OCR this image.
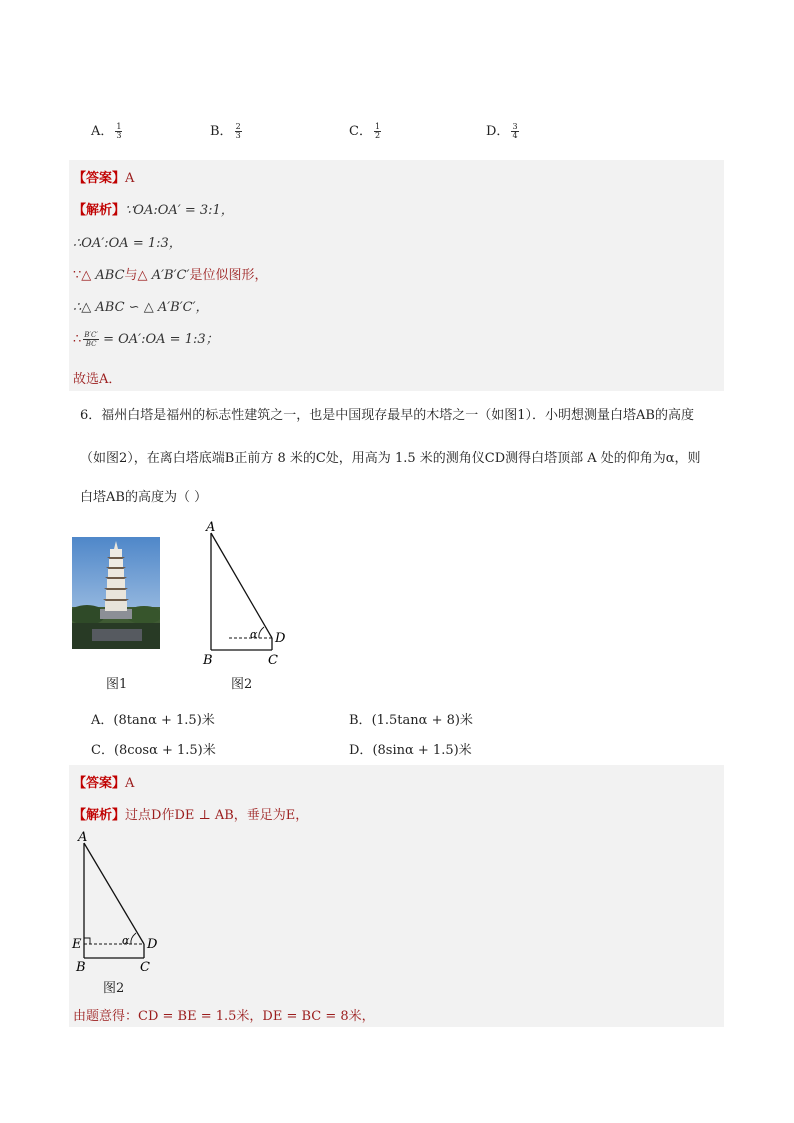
A． $\frac{1}{3}$	B． $\frac{2}{3}$	C． $\frac{1}{2}$	D． $\frac{3}{4}$
【答案】A
【解析】∵OA:OA′ = 3:1，
∴OA′:OA = 1:3，
∵△ ABC与△ A′B′C′是位似图形，
∴△ ABC ∽ △ A′B′C′，
∴ $\frac{B'C'}{BC}$ = OA′:OA = 1:3；
故选A．
6．福州白塔是福州的标志性建筑之一，也是中国现存最早的木塔之一（如图1）．小明想测量白塔AB的高度
（如图2），在离白塔底端B正前方 8 米的C处，用高为 1.5 米的测角仪CD测得白塔顶部 A 处的仰角为α，则
白塔AB的高度为（ ）
图1
A
B	C
D
α
图2
A．(8tanα + 1.5)米	B．(1.5tanα + 8)米
C．(8cosα + 1.5)米	D．(8sinα + 1.5)米
【答案】A
【解析】过点D作DE ⊥ AB，垂足为E，
A
E
B	C
D
α
图2
由题意得：CD = BE = 1.5米，DE = BC = 8米，
